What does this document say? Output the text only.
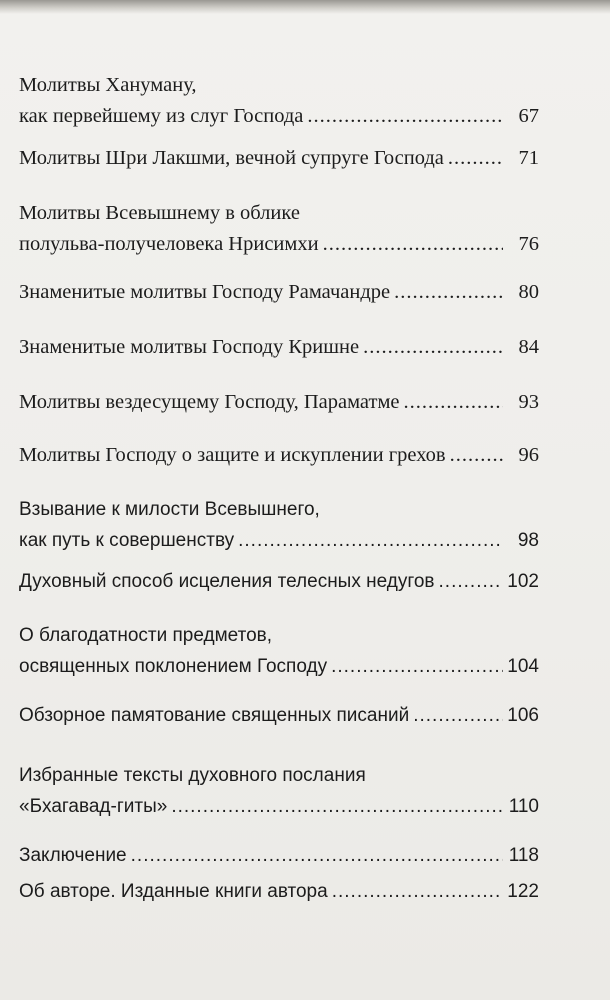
Молитвы Хануману,
как первейшему из слуг Господа .....	67
Молитвы Шри Лакшми, вечной супруге Господа .....	71
Молитвы Всевышнему в облике
полульва-получеловека Нрисимхи .....	76
Знаменитые молитвы Господу Рамачандре .....	80
Знаменитые молитвы Господу Кришне .....	84
Молитвы вездесущему Господу, Параматме .....	93
Молитвы Господу о защите и искуплении грехов .....	96
Взывание к милости Всевышнего,
как путь к совершенству .....	98
Духовный способ исцеления телесных недугов .....	102
О благодатности предметов,
освященных поклонением Господу .....	104
Обзорное памятование священных писаний .....	106
Избранные тексты духовного послания
«Бхагавад-гиты» .....	110
Заключение .....	118
Об авторе. Изданные книги автора .....	122
